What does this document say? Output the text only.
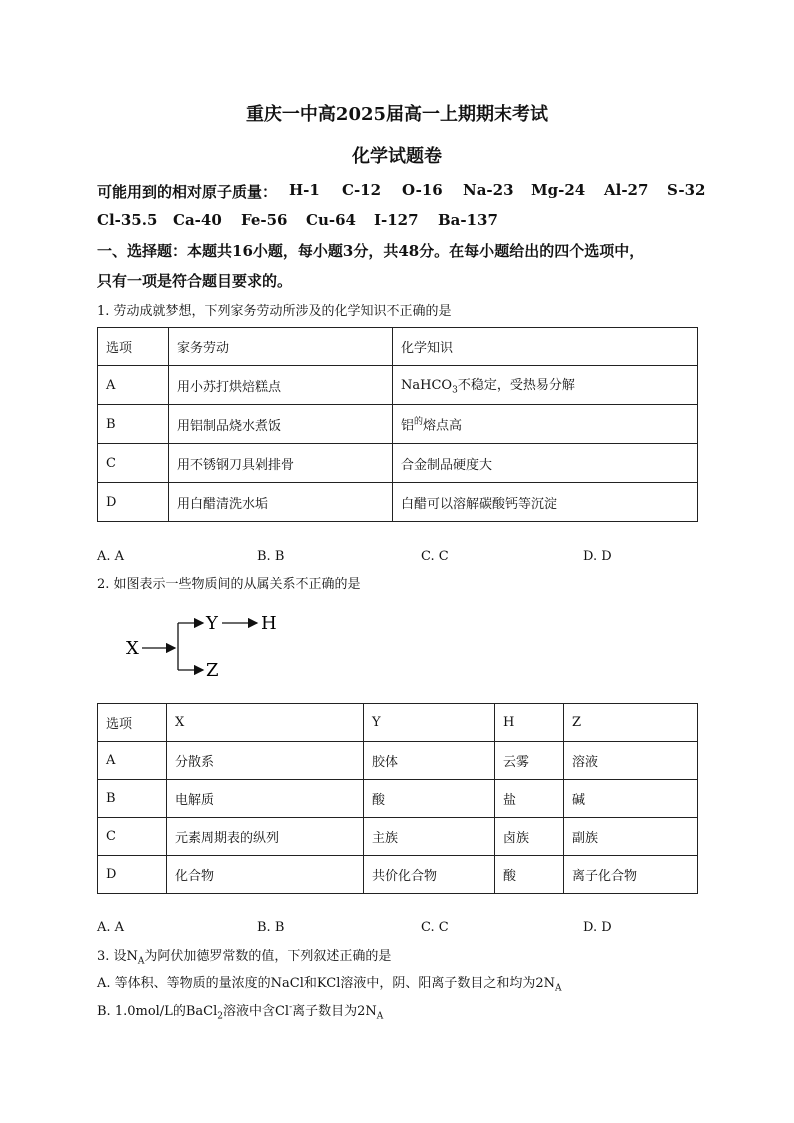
重庆一中高2025届高一上期期末考试
化学试题卷
可能用到的相对原子质量： H-1 C-12 O-16 Na-23 Mg-24 Al-27 S-32
Cl-35.5 Ca-40 Fe-56 Cu-64 I-127 Ba-137
一、选择题：本题共16小题，每小题3分，共48分。在每小题给出的四个选项中，
只有一项是符合题目要求的。
1. 劳动成就梦想，下列家务劳动所涉及的化学知识不正确的是
选项	家务劳动	化学知识
A	用小苏打烘焙糕点	NaHCO$_3$不稳定，受热易分解
B	用铝制品烧水煮饭	铝$^的$熔点高
C	用不锈钢刀具剁排骨	合金制品硬度大
D	用白醋清洗水垢	白醋可以溶解碳酸钙等沉淀
A. A	B. B	C. C	D. D
2. 如图表示一些物质间的从属关系不正确的是
X
Y H
Z
选项	X	Y	H	Z
A	分散系	胶体	云雾	溶液
B	电解质	酸	盐	碱
C	元素周期表的纵列	主族	卤族	副族
D	化合物	共价化合物	酸	离子化合物
A. A	B. B	C. C	D. D
3. 设$N_A$为阿伏加德罗常数的值，下列叙述正确的是
A. 等体积、等物质的量浓度的NaCl和KCl溶液中，阴、阳离子数目之和均为$2N_A$
B. 1.0mol/L的BaCl$_2$溶液中含Cl-离子数目为$2N_A$
